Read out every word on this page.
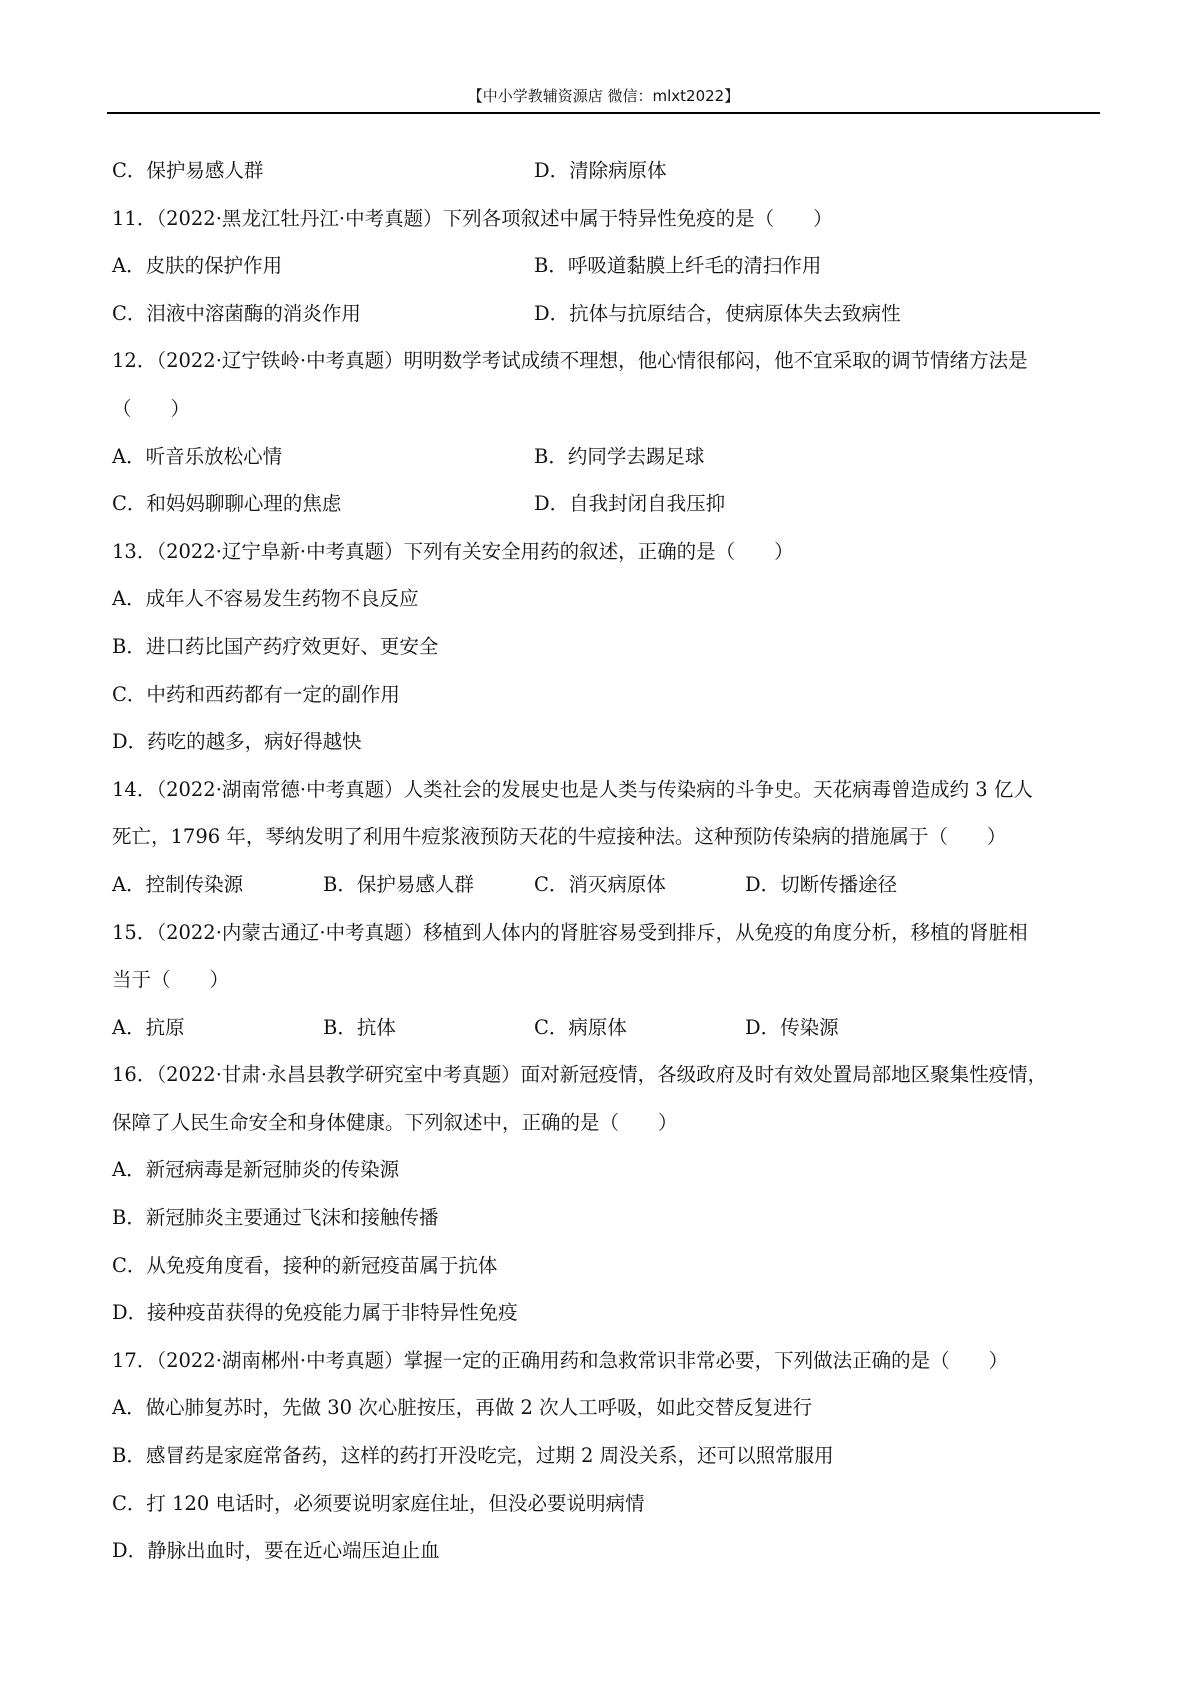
【中小学教辅资源店 微信：mlxt2022】
C．保护易感人群	D．清除病原体
11．（2022·黑龙江牡丹江·中考真题）下列各项叙述中属于特异性免疫的是（　　）
A．皮肤的保护作用	B．呼吸道黏膜上纤毛的清扫作用
C．泪液中溶菌酶的消炎作用	D．抗体与抗原结合，使病原体失去致病性
12．（2022·辽宁铁岭·中考真题）明明数学考试成绩不理想，他心情很郁闷，他不宜采取的调节情绪方法是
（　　）
A．听音乐放松心情	B．约同学去踢足球
C．和妈妈聊聊心理的焦虑	D．自我封闭自我压抑
13．（2022·辽宁阜新·中考真题）下列有关安全用药的叙述，正确的是（　　）
A．成年人不容易发生药物不良反应
B．进口药比国产药疗效更好、更安全
C．中药和西药都有一定的副作用
D．药吃的越多，病好得越快
14．（2022·湖南常德·中考真题）人类社会的发展史也是人类与传染病的斗争史。天花病毒曾造成约 3 亿人
死亡，1796 年，琴纳发明了利用牛痘浆液预防天花的牛痘接种法。这种预防传染病的措施属于（　　）
A．控制传染源	B．保护易感人群	C．消灭病原体	D．切断传播途径
15．（2022·内蒙古通辽·中考真题）移植到人体内的肾脏容易受到排斥，从免疫的角度分析，移植的肾脏相
当于（　　）
A．抗原	B．抗体	C．病原体	D．传染源
16．（2022·甘肃·永昌县教学研究室中考真题）面对新冠疫情，各级政府及时有效处置局部地区聚集性疫情，
保障了人民生命安全和身体健康。下列叙述中，正确的是（　　）
A．新冠病毒是新冠肺炎的传染源
B．新冠肺炎主要通过飞沫和接触传播
C．从免疫角度看，接种的新冠疫苗属于抗体
D．接种疫苗获得的免疫能力属于非特异性免疫
17．（2022·湖南郴州·中考真题）掌握一定的正确用药和急救常识非常必要，下列做法正确的是（　　）
A．做心肺复苏时，先做 30 次心脏按压，再做 2 次人工呼吸，如此交替反复进行
B．感冒药是家庭常备药，这样的药打开没吃完，过期 2 周没关系，还可以照常服用
C．打 120 电话时，必须要说明家庭住址，但没必要说明病情
D．静脉出血时，要在近心端压迫止血
